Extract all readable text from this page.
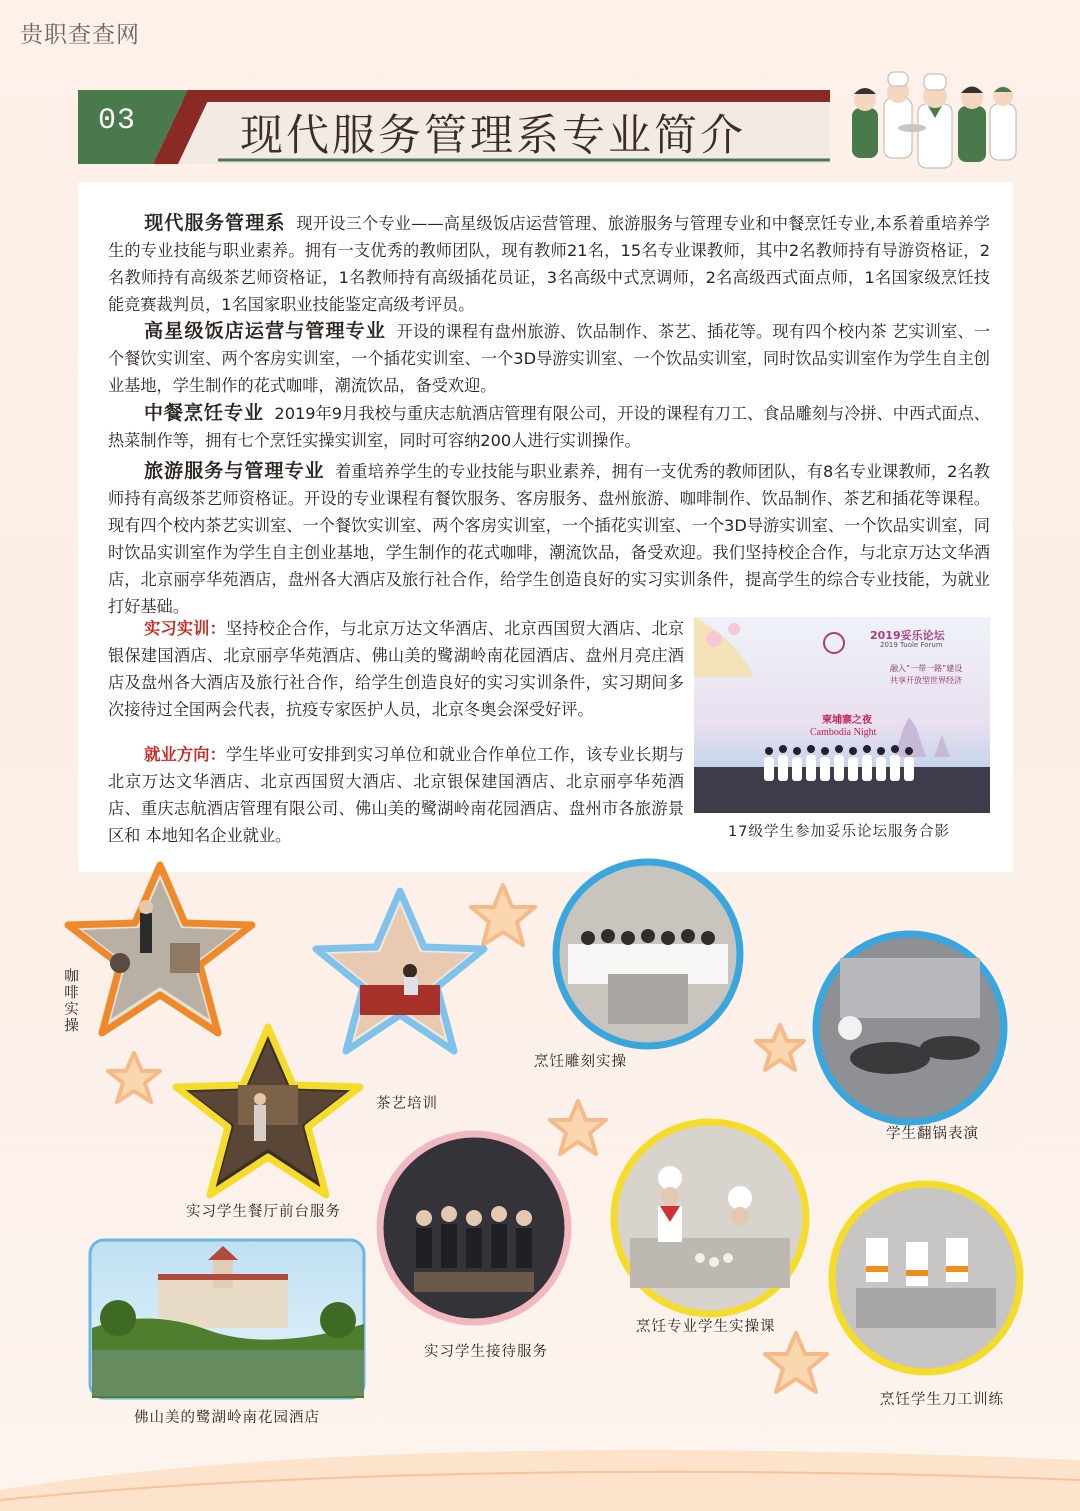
贵职查查网
03 现代服务管理系专业简介
现代服务管理系 现开设三个专业——高星级饭店运营管理、旅游服务与管理专业和中餐烹饪专业,本系着重培养学生的专业技能与职业素养。拥有一支优秀的教师团队，现有教师21名，15名专业课教师，其中2名教师持有导游资格证，2名教师持有高级茶艺师资格证，1名教师持有高级插花员证，3名高级中式烹调师，2名高级西式面点师，1名国家级烹饪技能竞赛裁判员，1名国家职业技能鉴定高级考评员。
高星级饭店运营与管理专业 开设的课程有盘州旅游、饮品制作、茶艺、插花等。现有四个校内茶 艺实训室、一个餐饮实训室、两个客房实训室，一个插花实训室、一个3D导游实训室、一个饮品实训室，同时饮品实训室作为学生自主创业基地，学生制作的花式咖啡，潮流饮品，备受欢迎。
中餐烹饪专业 2019年9月我校与重庆志航酒店管理有限公司，开设的课程有刀工、食品雕刻与冷拼、中西式面点、热菜制作等，拥有七个烹饪实操实训室，同时可容纳200人进行实训操作。
旅游服务与管理专业 着重培养学生的专业技能与职业素养，拥有一支优秀的教师团队，有8名专业课教师，2名教师持有高级茶艺师资格证。开设的专业课程有餐饮服务、客房服务、盘州旅游、咖啡制作、饮品制作、茶艺和插花等课程。现有四个校内茶艺实训室、一个餐饮实训室、两个客房实训室，一个插花实训室、一个3D导游实训室、一个饮品实训室，同时饮品实训室作为学生自主创业基地，学生制作的花式咖啡，潮流饮品，备受欢迎。我们坚持校企合作，与北京万达文华酒店，北京丽亭华苑酒店，盘州各大酒店及旅行社合作，给学生创造良好的实习实训条件，提高学生的综合专业技能，为就业打好基础。
实习实训：坚持校企合作，与北京万达文华酒店、北京西国贸大酒店、北京银保建国酒店、北京丽亭华苑酒店、佛山美的鹭湖岭南花园酒店、盘州月亮庄酒店及盘州各大酒店及旅行社合作，给学生创造良好的实习实训条件，实习期间多次接待过全国两会代表，抗疫专家医护人员，北京冬奥会深受好评。
就业方向：学生毕业可安排到实习单位和就业合作单位工作，该专业长期与北京万达文华酒店、北京西国贸大酒店、北京银保建国酒店、北京丽亭华苑酒店、重庆志航酒店管理有限公司、佛山美的鹭湖岭南花园酒店、盘州市各旅游景区和 本地知名企业就业。
2019妥乐论坛
2019 Tuole Forum
融入“一带一路”建设
共享开放型世界经济
柬埔寨之夜
Cambodia Night
17级学生参加妥乐论坛服务合影
咖啡实操
茶艺培训
烹饪雕刻实操
学生翻锅表演
实习学生餐厅前台服务
实习学生接待服务
烹饪专业学生实操课
烹饪学生刀工训练
佛山美的鹭湖岭南花园酒店
